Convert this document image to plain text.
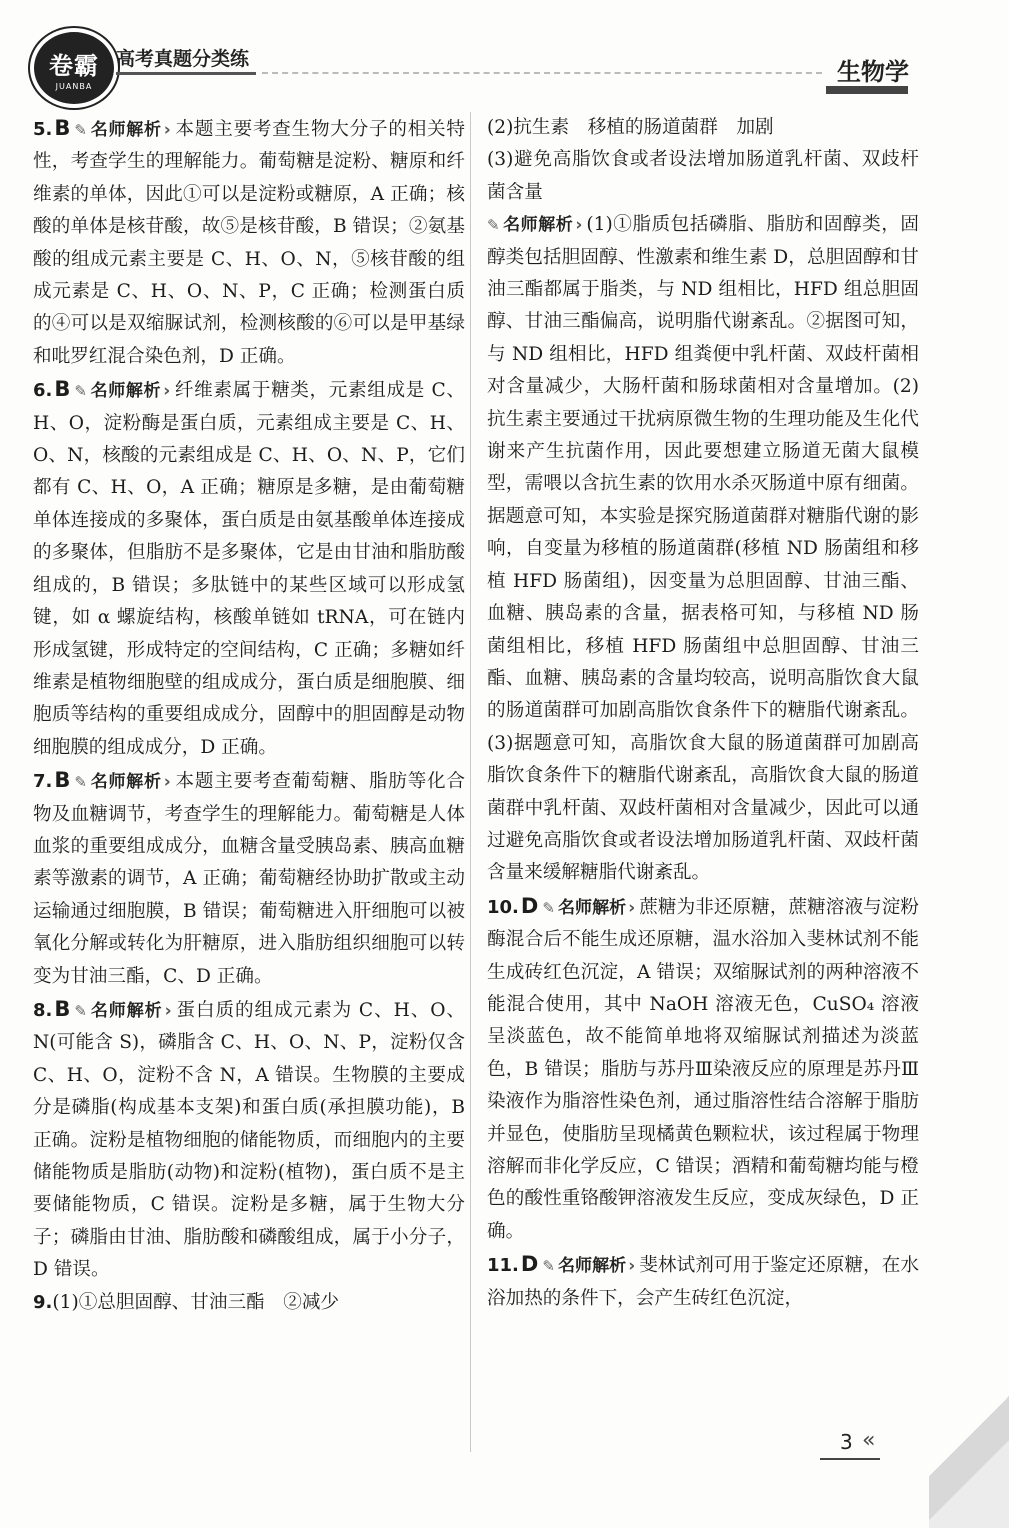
卷霸
JUANBA
高考真题分类练	生物学

5.B ✎ 名师解析 › 本题主要考查生物大分子的相关特性，考查学生的理解能力。葡萄糖是淀粉、糖原和纤维素的单体，因此①可以是淀粉或糖原，A 正确；核酸的单体是核苷酸，故⑤是核苷酸，B 错误；②氨基酸的组成元素主要是 C、H、O、N，⑤核苷酸的组成元素是 C、H、O、N、P，C 正确；检测蛋白质的④可以是双缩脲试剂，检测核酸的⑥可以是甲基绿和吡罗红混合染色剂，D 正确。

6.B ✎ 名师解析 › 纤维素属于糖类，元素组成是 C、H、O，淀粉酶是蛋白质，元素组成主要是 C、H、O、N，核酸的元素组成是 C、H、O、N、P，它们都有 C、H、O，A 正确；糖原是多糖，是由葡萄糖单体连接成的多聚体，蛋白质是由氨基酸单体连接成的多聚体，但脂肪不是多聚体，它是由甘油和脂肪酸组成的，B 错误；多肽链中的某些区域可以形成氢键，如 α 螺旋结构，核酸单链如 tRNA，可在链内形成氢键，形成特定的空间结构，C 正确；多糖如纤维素是植物细胞壁的组成成分，蛋白质是细胞膜、细胞质等结构的重要组成成分，固醇中的胆固醇是动物细胞膜的组成成分，D 正确。

7.B ✎ 名师解析 › 本题主要考查葡萄糖、脂肪等化合物及血糖调节，考查学生的理解能力。葡萄糖是人体血浆的重要组成成分，血糖含量受胰岛素、胰高血糖素等激素的调节，A 正确；葡萄糖经协助扩散或主动运输通过细胞膜，B 错误；葡萄糖进入肝细胞可以被氧化分解或转化为肝糖原，进入脂肪组织细胞可以转变为甘油三酯，C、D 正确。

8.B ✎ 名师解析 › 蛋白质的组成元素为 C、H、O、N(可能含 S)，磷脂含 C、H、O、N、P，淀粉仅含 C、H、O，淀粉不含 N，A 错误。生物膜的主要成分是磷脂(构成基本支架)和蛋白质(承担膜功能)，B 正确。淀粉是植物细胞的储能物质，而细胞内的主要储能物质是脂肪(动物)和淀粉(植物)，蛋白质不是主要储能物质，C 错误。淀粉是多糖，属于生物大分子；磷脂由甘油、脂肪酸和磷酸组成，属于小分子，D 错误。

9.(1)①总胆固醇、甘油三酯　②减少

(2)抗生素　移植的肠道菌群　加剧

(3)避免高脂饮食或者设法增加肠道乳杆菌、双歧杆菌含量

✎ 名师解析 › (1)①脂质包括磷脂、脂肪和固醇类，固醇类包括胆固醇、性激素和维生素 D，总胆固醇和甘油三酯都属于脂类，与 ND 组相比，HFD 组总胆固醇、甘油三酯偏高，说明脂代谢紊乱。②据图可知，与 ND 组相比，HFD 组粪便中乳杆菌、双歧杆菌相对含量减少，大肠杆菌和肠球菌相对含量增加。(2)抗生素主要通过干扰病原微生物的生理功能及生化代谢来产生抗菌作用，因此要想建立肠道无菌大鼠模型，需喂以含抗生素的饮用水杀灭肠道中原有细菌。据题意可知，本实验是探究肠道菌群对糖脂代谢的影响，自变量为移植的肠道菌群(移植 ND 肠菌组和移植 HFD 肠菌组)，因变量为总胆固醇、甘油三酯、血糖、胰岛素的含量，据表格可知，与移植 ND 肠菌组相比，移植 HFD 肠菌组中总胆固醇、甘油三酯、血糖、胰岛素的含量均较高，说明高脂饮食大鼠的肠道菌群可加剧高脂饮食条件下的糖脂代谢紊乱。(3)据题意可知，高脂饮食大鼠的肠道菌群可加剧高脂饮食条件下的糖脂代谢紊乱，高脂饮食大鼠的肠道菌群中乳杆菌、双歧杆菌相对含量减少，因此可以通过避免高脂饮食或者设法增加肠道乳杆菌、双歧杆菌含量来缓解糖脂代谢紊乱。

10.D ✎ 名师解析 › 蔗糖为非还原糖，蔗糖溶液与淀粉酶混合后不能生成还原糖，温水浴加入斐林试剂不能生成砖红色沉淀，A 错误；双缩脲试剂的两种溶液不能混合使用，其中 NaOH 溶液无色，CuSO₄ 溶液呈淡蓝色，故不能简单地将双缩脲试剂描述为淡蓝色，B 错误；脂肪与苏丹Ⅲ染液反应的原理是苏丹Ⅲ染液作为脂溶性染色剂，通过脂溶性结合溶解于脂肪并显色，使脂肪呈现橘黄色颗粒状，该过程属于物理溶解而非化学反应，C 错误；酒精和葡萄糖均能与橙色的酸性重铬酸钾溶液发生反应，变成灰绿色，D 正确。

11.D ✎ 名师解析 › 斐林试剂可用于鉴定还原糖，在水浴加热的条件下，会产生砖红色沉淀，

3 «
